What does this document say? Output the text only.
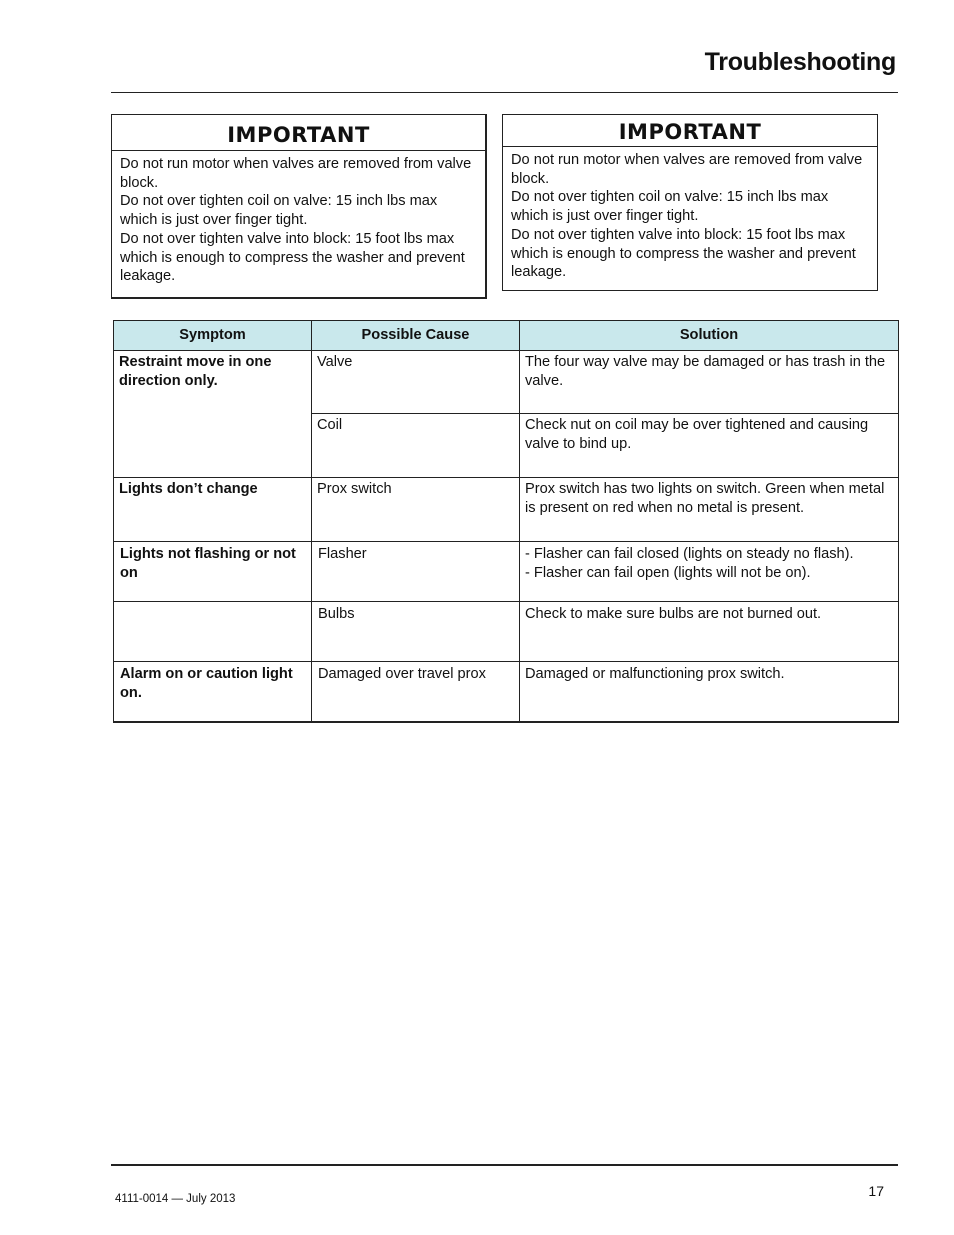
Troubleshooting
IMPORTANT

Do not run motor when valves are removed from valve block.

Do not over tighten coil on valve: 15 inch lbs max which is just over finger tight.

Do not over tighten valve into block: 15 foot lbs max which is enough to compress the washer and prevent leakage.

IMPORTANT

Do not run motor when valves are removed from valve block.

Do not over tighten coil on valve: 15 inch lbs max which is just over finger tight.

Do not over tighten valve into block: 15 foot lbs max which is enough to compress the washer and prevent leakage.

Symptom	Possible Cause	Solution
Restraint move in one direction only.	Valve	The four way valve may be damaged or has trash in the valve.
	Coil	Check nut on coil may be over tightened and causing valve to bind up.
Lights don’t change	Prox switch	Prox switch has two lights on switch. Green when metal is present on red when no metal is present.
Lights not flashing or not on	Flasher	- Flasher can fail closed (lights on steady no flash).
- Flasher can fail open (lights will not be on).
	Bulbs	Check to make sure bulbs are not burned out.
Alarm on or caution light on.	Damaged over travel prox	Damaged or malfunctioning prox switch.
17
4111-0014 — July 2013
